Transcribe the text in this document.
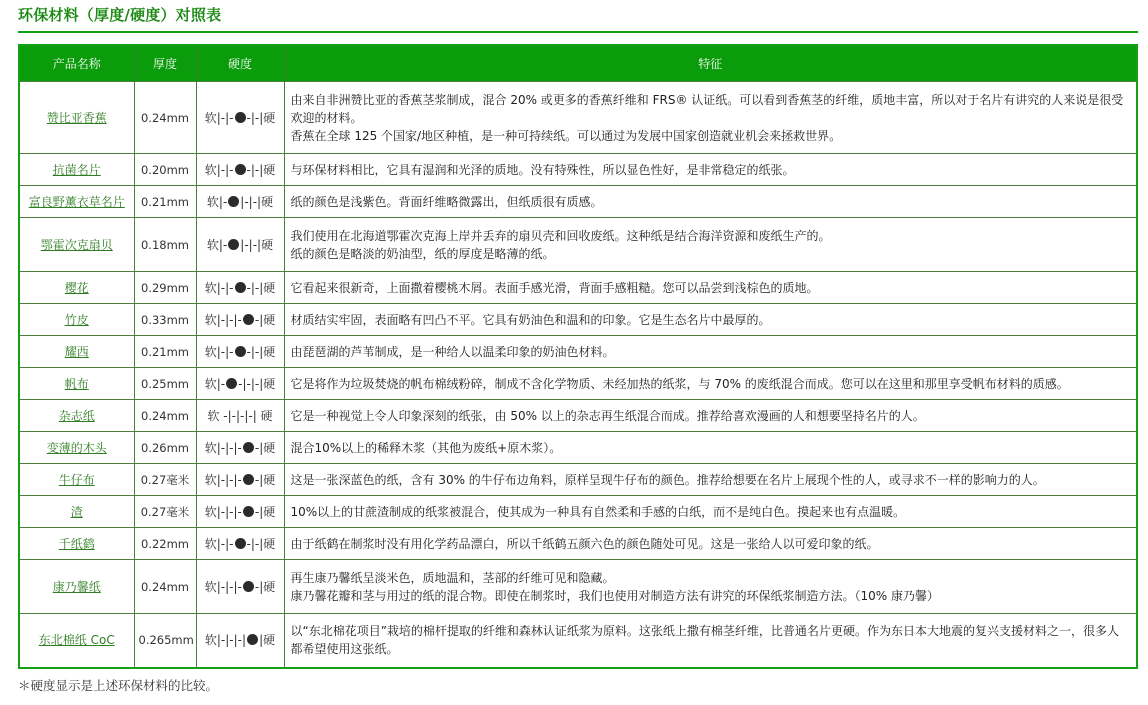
环保材料（厚度/硬度）对照表
产品名称	厚度	硬度	特征
赞比亚香蕉	0.24mm	软|-|- -|-|硬	由来自非洲赞比亚的香蕉茎浆制成，混合 20% 或更多的香蕉纤维和 FRS® 认证纸。可以看到香蕉茎的纤维，质地丰富，所以对于名片有讲究的人来说是很受欢迎的材料。
香蕉在全球 125 个国家/地区种植，是一种可持续纸。可以通过为发展中国家创造就业机会来拯救世界。

抗菌名片	0.20mm	软|-|- -|-|硬	与环保材料相比，它具有湿润和光泽的质地。没有特殊性，所以显色性好，是非常稳定的纸张。

富良野薰衣草名片	0.21mm	软|- |-|-|硬	纸的颜色是浅紫色。背面纤维略微露出，但纸质很有质感。

鄂霍次克扇贝	0.18mm	软|- |-|-|硬	我们使用在北海道鄂霍次克海上岸并丢弃的扇贝壳和回收废纸。这种纸是结合海洋资源和废纸生产的。
纸的颜色是略淡的奶油型，纸的厚度是略薄的纸。

樱花	0.29mm	软|-|- -|-|硬	它看起来很新奇，上面撒着樱桃木屑。表面手感光滑，背面手感粗糙。您可以品尝到浅棕色的质地。

竹皮	0.33mm	软|-|-|- -|硬	材质结实牢固，表面略有凹凸不平。它具有奶油色和温和的印象。它是生态名片中最厚的。

耀西	0.21mm	软|-|- -|-|硬	由琵琶湖的芦苇制成，是一种给人以温柔印象的奶油色材料。

帆布	0.25mm	软|- -|-|-|硬	它是将作为垃圾焚烧的帆布棉绒粉碎，制成不含化学物质、未经加热的纸浆，与 70% 的废纸混合而成。您可以在这里和那里享受帆布材料的质感。

杂志纸	0.24mm	软 -|-|-|-| 硬	它是一种视觉上令人印象深刻的纸张，由 50% 以上的杂志再生纸混合而成。推荐给喜欢漫画的人和想要坚持名片的人。

变薄的木头	0.26mm	软|-|-|- -|硬	混合10%以上的稀释木浆（其他为废纸+原木浆）。

牛仔布	0.27毫米	软|-|-|- -|硬	这是一张深蓝色的纸，含有 30% 的牛仔布边角料，原样呈现牛仔布的颜色。推荐给想要在名片上展现个性的人，或寻求不一样的影响力的人。

渣	0.27毫米	软|-|-|- -|硬	10%以上的甘蔗渣制成的纸浆被混合，使其成为一种具有自然柔和手感的白纸，而不是纯白色。摸起来也有点温暖。

千纸鹤	0.22mm	软|-|- -|-|硬	由于纸鹤在制浆时没有用化学药品漂白，所以千纸鹤五颜六色的颜色随处可见。这是一张给人以可爱印象的纸。

康乃馨纸	0.24mm	软|-|-|- -|硬	再生康乃馨纸呈淡米色，质地温和，茎部的纤维可见和隐藏。
康乃馨花瓣和茎与用过的纸的混合物。即使在制浆时，我们也使用对制造方法有讲究的环保纸浆制造方法。（10% 康乃馨）

东北棉纸 CoC	0.265mm	软|-|-|-| |硬	以“东北棉花项目”栽培的棉杆提取的纤维和森林认证纸浆为原料。这张纸上撒有棉茎纤维，比普通名片更硬。作为东日本大地震的复兴支援材料之一，很多人都希望使用这张纸。
＊硬度显示是上述环保材料的比较。
